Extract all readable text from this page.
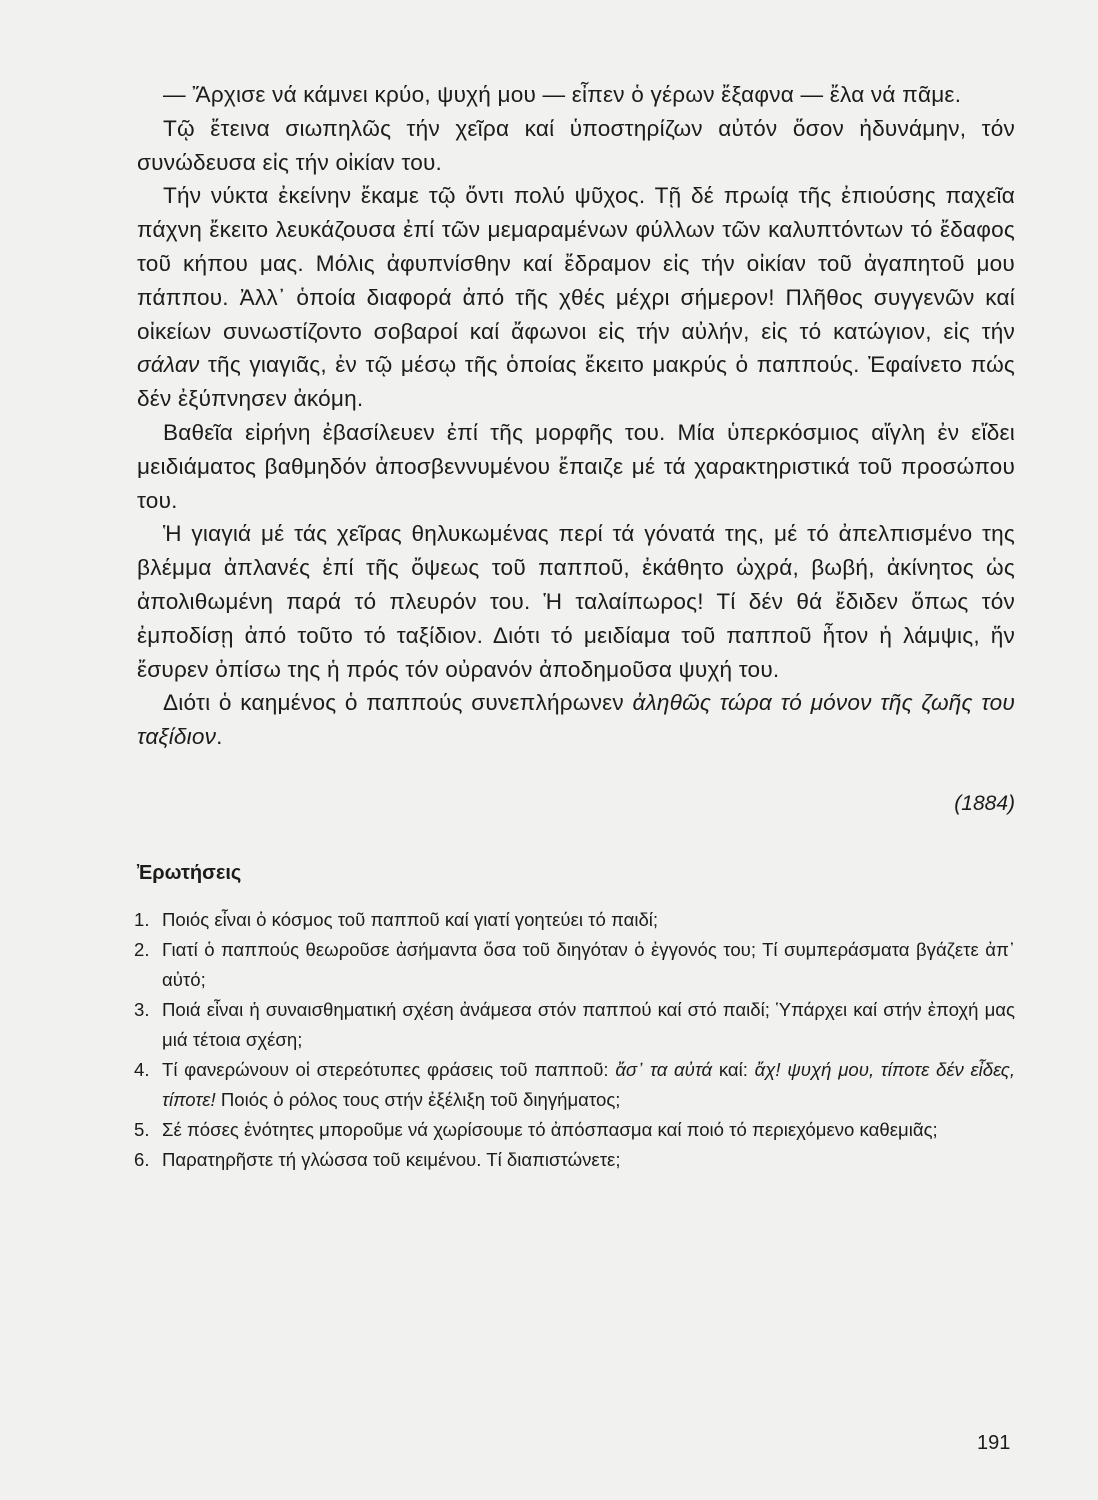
— Ἄρχισε νά κάμνει κρύο, ψυχή μου — εἶπεν ὁ γέρων ἔξαφνα — ἔλα νά πᾶμε.

Τῷ ἔτεινα σιωπηλῶς τήν χεῖρα καί ὑποστηρίζων αὐτόν ὅσον ἠδυνάμην, τόν συνώδευσα εἰς τήν οἰκίαν του.

Τήν νύκτα ἐκείνην ἔκαμε τῷ ὄντι πολύ ψῦχος. Τῇ δέ πρωίᾳ τῆς ἐπιούσης παχεῖα πάχνη ἔκειτο λευκάζουσα ἐπί τῶν μεμαραμένων φύλλων τῶν καλυπτόντων τό ἔδαφος τοῦ κήπου μας. Μόλις ἀφυπνίσθην καί ἔδραμον εἰς τήν οἰκίαν τοῦ ἀγαπητοῦ μου πάππου. Ἀλλ᾽ ὁποία διαφορά ἀπό τῆς χθές μέχρι σήμερον! Πλῆθος συγγενῶν καί οἰκείων συνωστίζοντο σοβαροί καί ἄφωνοι εἰς τήν αὐλήν, εἰς τό κατώγιον, εἰς τήν σάλαν τῆς γιαγιᾶς, ἐν τῷ μέσῳ τῆς ὁποίας ἔκειτο μακρύς ὁ παππούς. Ἐφαίνετο πώς δέν ἐξύπνησεν ἀκόμη.

Βαθεῖα εἰρήνη ἐβασίλευεν ἐπί τῆς μορφῆς του. Μία ὑπερκόσμιος αἴγλη ἐν εἴδει μειδιάματος βαθμηδόν ἀποσβεννυμένου ἔπαιζε μέ τά χαρακτηριστικά τοῦ προσώπου του.

Ἡ γιαγιά μέ τάς χεῖρας θηλυκωμένας περί τά γόνατά της, μέ τό ἀπελπισμένο της βλέμμα ἀπλανές ἐπί τῆς ὄψεως τοῦ παπποῦ, ἐκάθητο ὠχρά, βωβή, ἀκίνητος ὡς ἀπολιθωμένη παρά τό πλευρόν του. Ἡ ταλαίπωρος! Τί δέν θά ἔδιδεν ὅπως τόν ἐμποδίσῃ ἀπό τοῦτο τό ταξίδιον. Διότι τό μειδίαμα τοῦ παπποῦ ἦτον ἡ λάμψις, ἥν ἔσυρεν ὀπίσω της ἡ πρός τόν οὐρανόν ἀποδημοῦσα ψυχή του.

Διότι ὁ καημένος ὁ παππούς συνεπλήρωνεν ἀληθῶς τώρα τό μόνον τῆς ζωῆς του ταξίδιον.

(1884)
Ἐρωτήσεις
1. Ποιός εἶναι ὁ κόσμος τοῦ παπποῦ καί γιατί γοητεύει τό παιδί;
2. Γιατί ὁ παππούς θεωροῦσε ἀσήμαντα ὅσα τοῦ διηγόταν ὁ ἐγγονός του; Τί συμπεράσματα βγάζετε ἀπ᾽ αὐτό;
3. Ποιά εἶναι ἡ συναισθηματική σχέση ἀνάμεσα στόν παππού καί στό παιδί; Ὑπάρχει καί στήν ἐποχή μας μιά τέτοια σχέση;
4. Τί φανερώνουν οἱ στερεότυπες φράσεις τοῦ παπποῦ: ἄσ᾽ τα αὐτά καί: ἄχ! ψυχή μου, τίποτε δέν εἶδες, τίποτε! Ποιός ὁ ρόλος τους στήν ἐξέλιξη τοῦ διηγήματος;
5. Σέ πόσες ἑνότητες μποροῦμε νά χωρίσουμε τό ἀπόσπασμα καί ποιό τό περιεχόμενο καθεμιᾶς;
6. Παρατηρῆστε τή γλώσσα τοῦ κειμένου. Τί διαπιστώνετε;
191
